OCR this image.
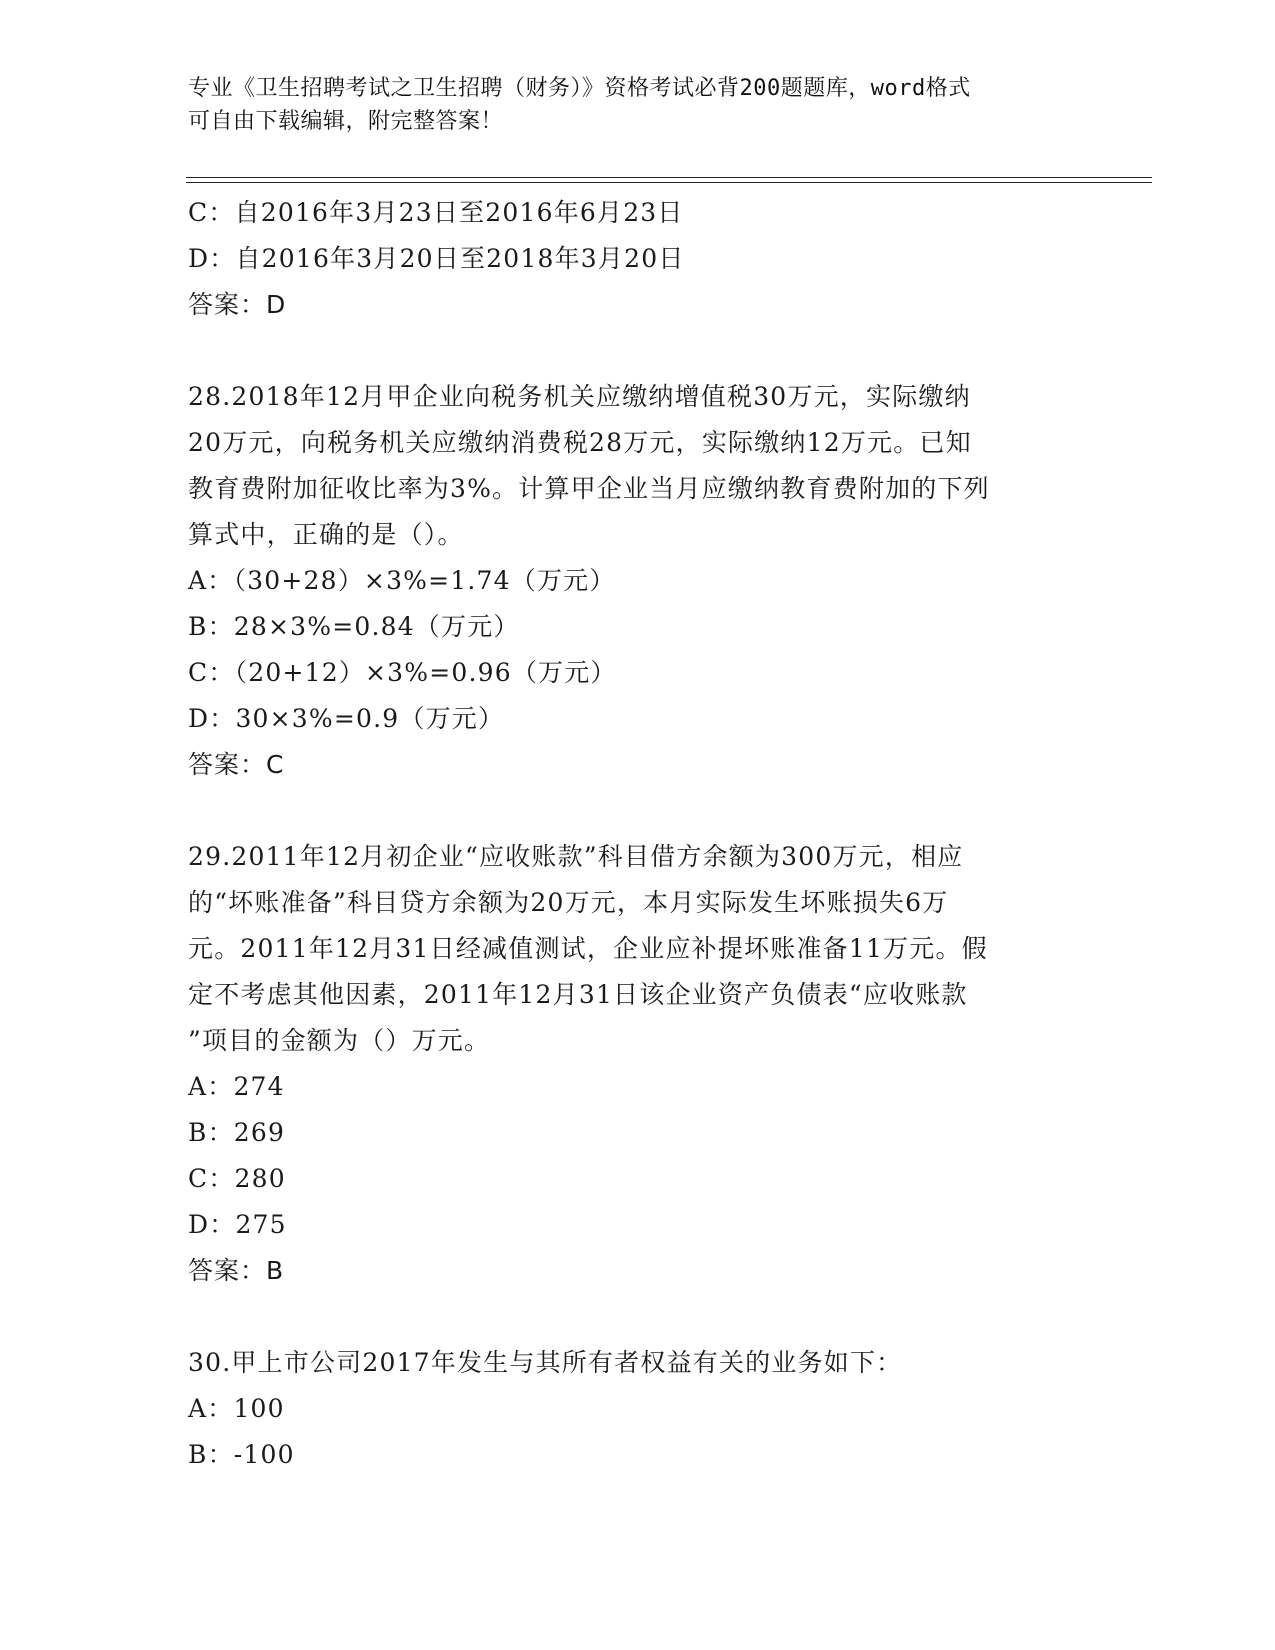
专业《卫生招聘考试之卫生招聘（财务）》资格考试必背200题题库，word格式
可自由下载编辑，附完整答案！
C：自2016年3月23日至2016年6月23日
D：自2016年3月20日至2018年3月20日
答案：D
28.2018年12月甲企业向税务机关应缴纳增值税30万元，实际缴纳
20万元，向税务机关应缴纳消费税28万元，实际缴纳12万元。已知
教育费附加征收比率为3%。计算甲企业当月应缴纳教育费附加的下列
算式中，正确的是（）。
A：（30+28）×3%=1.74（万元）
B：28×3%=0.84（万元）
C：（20+12）×3%=0.96（万元）
D：30×3%=0.9（万元）
答案：C
29.2011年12月初企业“应收账款”科目借方余额为300万元，相应
的“坏账准备”科目贷方余额为20万元，本月实际发生坏账损失6万
元。2011年12月31日经减值测试，企业应补提坏账准备11万元。假
定不考虑其他因素，2011年12月31日该企业资产负债表“应收账款
”项目的金额为（）万元。
A：274
B：269
C：280
D：275
答案：B
30.甲上市公司2017年发生与其所有者权益有关的业务如下：
A：100
B：-100
